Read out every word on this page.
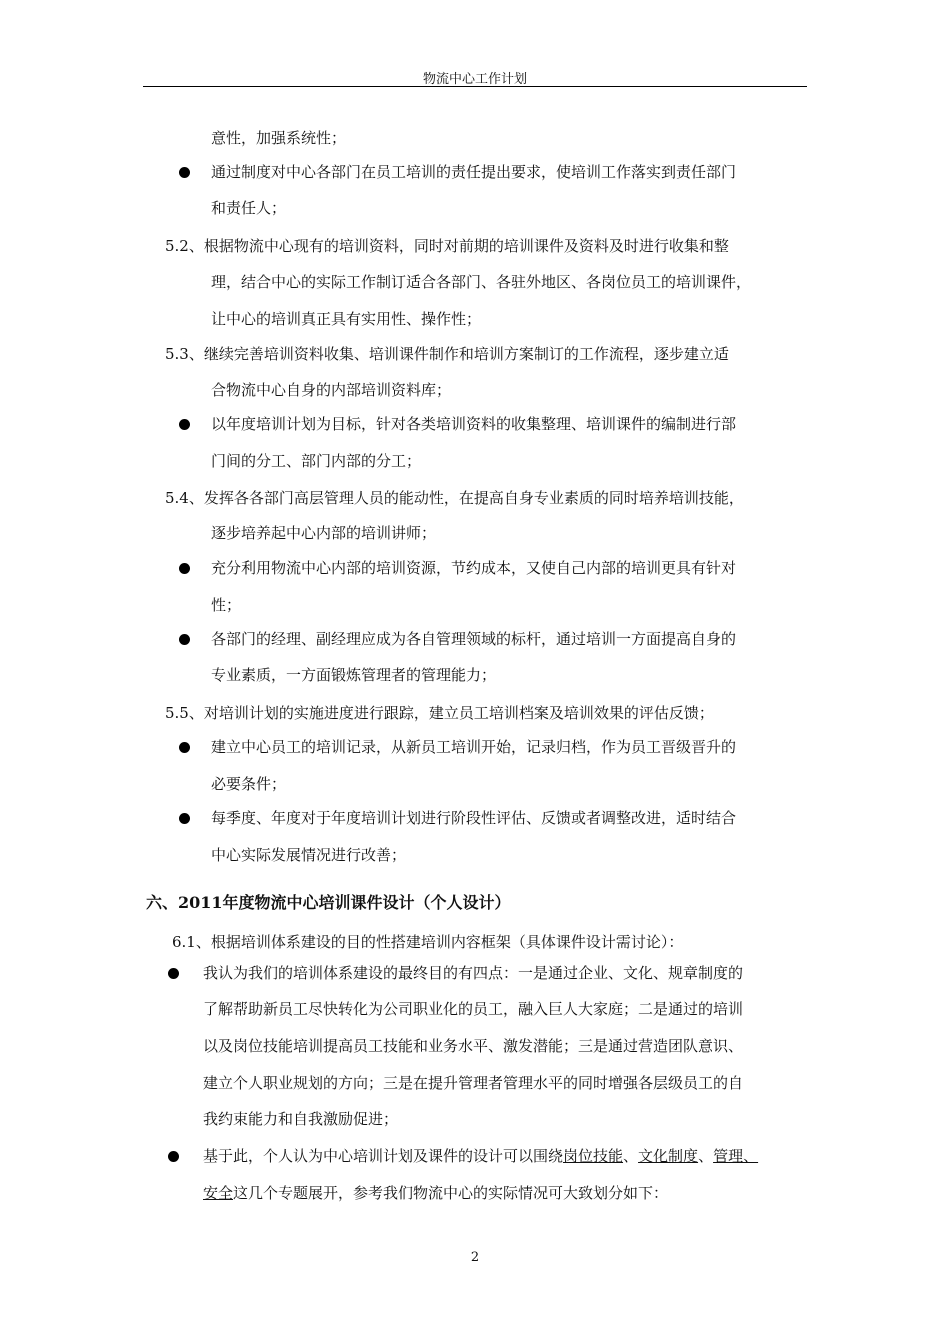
物流中心工作计划
意性，加强系统性；
通过制度对中心各部门在员工培训的责任提出要求，使培训工作落实到责任部门
和责任人；
5.2、根据物流中心现有的培训资料，同时对前期的培训课件及资料及时进行收集和整
理，结合中心的实际工作制订适合各部门、各驻外地区、各岗位员工的培训课件，
让中心的培训真正具有实用性、操作性；
5.3、继续完善培训资料收集、培训课件制作和培训方案制订的工作流程，逐步建立适
合物流中心自身的内部培训资料库；
以年度培训计划为目标，针对各类培训资料的收集整理、培训课件的编制进行部
门间的分工、部门内部的分工；
5.4、发挥各各部门高层管理人员的能动性，在提高自身专业素质的同时培养培训技能，
逐步培养起中心内部的培训讲师；
充分利用物流中心内部的培训资源，节约成本，又使自己内部的培训更具有针对
性；
各部门的经理、副经理应成为各自管理领域的标杆，通过培训一方面提高自身的
专业素质，一方面锻炼管理者的管理能力；
5.5、对培训计划的实施进度进行跟踪，建立员工培训档案及培训效果的评估反馈；
建立中心员工的培训记录，从新员工培训开始，记录归档，作为员工晋级晋升的
必要条件；
每季度、年度对于年度培训计划进行阶段性评估、反馈或者调整改进，适时结合
中心实际发展情况进行改善；
六、2011年度物流中心培训课件设计（个人设计）
6.1、根据培训体系建设的目的性搭建培训内容框架（具体课件设计需讨论）：
我认为我们的培训体系建设的最终目的有四点：一是通过企业、文化、规章制度的
了解帮助新员工尽快转化为公司职业化的员工，融入巨人大家庭；二是通过的培训
以及岗位技能培训提高员工技能和业务水平、激发潜能；三是通过营造团队意识、
建立个人职业规划的方向；三是在提升管理者管理水平的同时增强各层级员工的自
我约束能力和自我激励促进；
基于此，个人认为中心培训计划及课件的设计可以围绕岗位技能、文化制度、管理、
安全这几个专题展开，参考我们物流中心的实际情况可大致划分如下：
2
